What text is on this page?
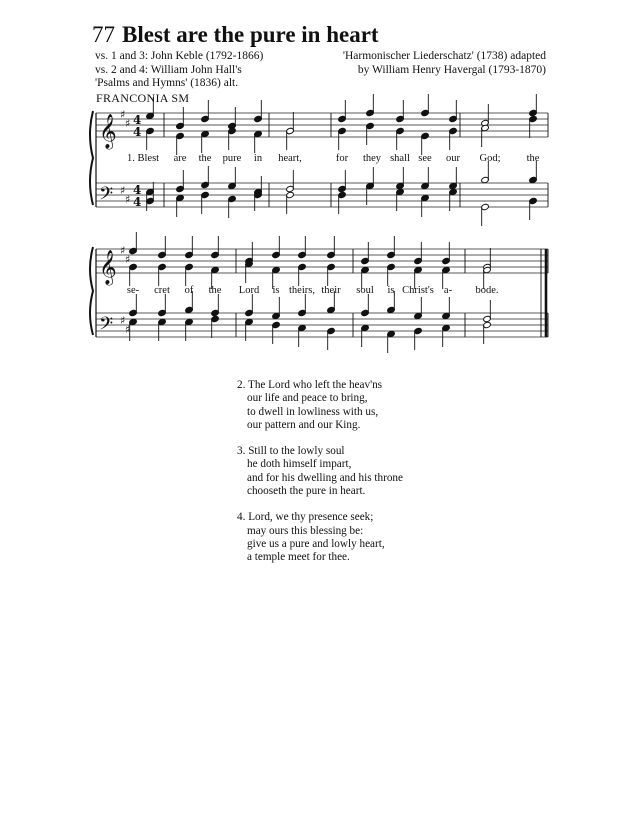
77 Blest are the pure in heart
vs. 1 and 3: John Keble (1792-1866)
vs. 2 and 4: William John Hall's
'Psalms and Hymns' (1836) alt.
'Harmonischer Liederschatz' (1738) adapted
by William Henry Havergal (1793-1870)
FRANCONIA SM
𝄞
𝄢
♯
♯
♯
♯
4
4
4
4
𝄞
𝄢
♯
♯
♯
♯
1. Blest are the pure in heart,	for they shall see our God; the
se- cret of the Lord is theirs, their soul is Christ's a- bode.
2. The Lord who left the heav'ns
our life and peace to bring,
to dwell in lowliness with us,
our pattern and our King.
3. Still to the lowly soul
he doth himself impart,
and for his dwelling and his throne
chooseth the pure in heart.
4. Lord, we thy presence seek;
may ours this blessing be:
give us a pure and lowly heart,
a temple meet for thee.
